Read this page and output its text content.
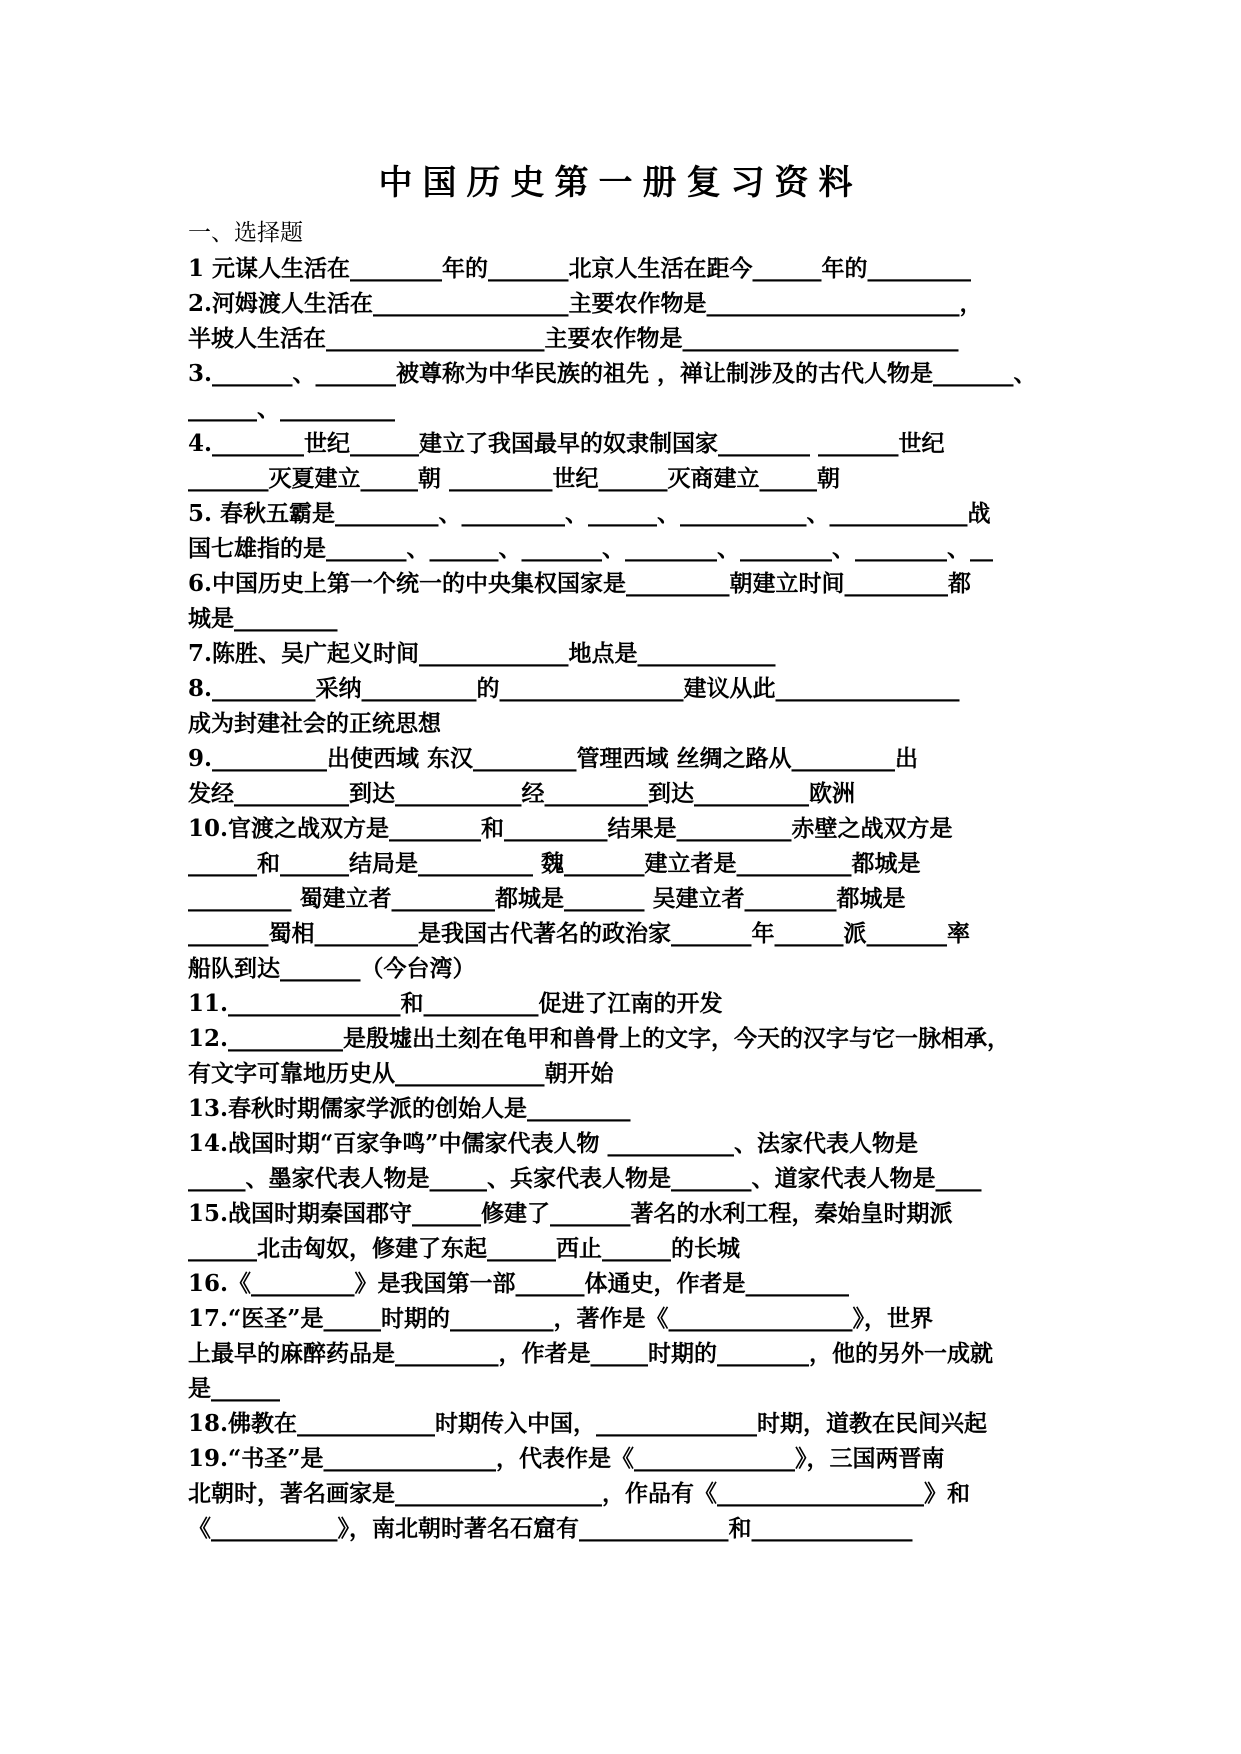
中国历史第一册复习资料
一、选择题
1 元谋人生活在________年的_______北京人生活在距今______年的_________
2.河姆渡人生活在_________________主要农作物是______________________，
半坡人生活在___________________主要农作物是________________________
3._______、_______被尊称为中华民族的祖先 ，禅让制涉及的古代人物是_______、
______、__________
4.________世纪______建立了我国最早的奴隶制国家________ _______世纪
_______灭夏建立_____朝 _________世纪______灭商建立_____朝
5. 春秋五霸是_________、_________、______、___________、____________战
国七雄指的是_______、______、_______、________、________、________、__
6.中国历史上第一个统一的中央集权国家是_________朝建立时间_________都
城是_________
7.陈胜、吴广起义时间_____________地点是____________
8._________采纳__________的________________建议从此________________
成为封建社会的正统思想
9.__________出使西域 东汉_________管理西域 丝绸之路从_________出
发经__________到达___________经_________到达__________欧洲
10.官渡之战双方是________和_________结果是__________赤壁之战双方是
______和______结局是__________ 魏_______建立者是__________都城是
_________ 蜀建立者_________都城是_______ 吴建立者________都城是
_______蜀相_________是我国古代著名的政治家_______年______派_______率
船队到达_______（今台湾）
11._______________和__________促进了江南的开发
12.__________是殷墟出土刻在龟甲和兽骨上的文字，今天的汉字与它一脉相承，
有文字可靠地历史从_____________朝开始
13.春秋时期儒家学派的创始人是_________
14.战国时期“百家争鸣”中儒家代表人物 ___________、法家代表人物是
_____、墨家代表人物是_____、兵家代表人物是_______、道家代表人物是____
15.战国时期秦国郡守______修建了_______著名的水利工程，秦始皇时期派
______北击匈奴，修建了东起______西止______的长城
16.《_________》是我国第一部______体通史，作者是_________
17.“医圣”是_____时期的_________，著作是《________________》，世界
上最早的麻醉药品是_________，作者是_____时期的________，他的另外一成就
是______
18.佛教在____________时期传入中国，______________时期，道教在民间兴起
19.“书圣”是_______________，代表作是《______________》，三国两晋南
北朝时，著名画家是__________________，作品有《__________________》和
《___________》，南北朝时著名石窟有_____________和______________
